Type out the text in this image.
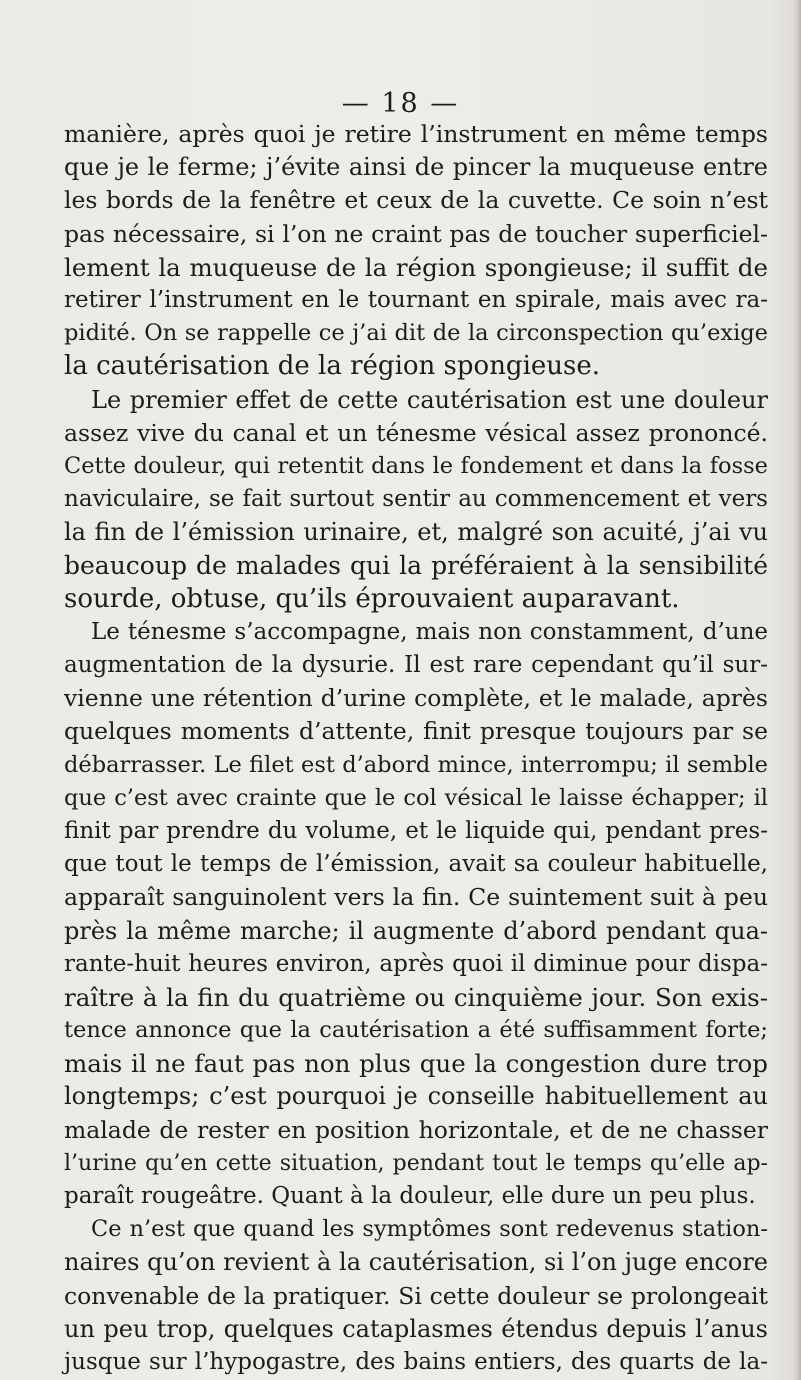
— 18 —
manière, après quoi je retire l’instrument en même temps
que je le ferme; j’évite ainsi de pincer la muqueuse entre
les bords de la fenêtre et ceux de la cuvette. Ce soin n’est
pas nécessaire, si l’on ne craint pas de toucher superficiel-
lement la muqueuse de la région spongieuse; il suffit de
retirer l’instrument en le tournant en spirale, mais avec ra-
pidité. On se rappelle ce j’ai dit de la circonspection qu’exige
la cautérisation de la région spongieuse.
Le premier effet de cette cautérisation est une douleur
assez vive du canal et un ténesme vésical assez prononcé.
Cette douleur, qui retentit dans le fondement et dans la fosse
naviculaire, se fait surtout sentir au commencement et vers
la fin de l’émission urinaire, et, malgré son acuité, j’ai vu
beaucoup de malades qui la préféraient à la sensibilité
sourde, obtuse, qu’ils éprouvaient auparavant.
Le ténesme s’accompagne, mais non constamment, d’une
augmentation de la dysurie. Il est rare cependant qu’il sur-
vienne une rétention d’urine complète, et le malade, après
quelques moments d’attente, finit presque toujours par se
débarrasser. Le filet est d’abord mince, interrompu; il semble
que c’est avec crainte que le col vésical le laisse échapper; il
finit par prendre du volume, et le liquide qui, pendant pres-
que tout le temps de l’émission, avait sa couleur habituelle,
apparaît sanguinolent vers la fin. Ce suintement suit à peu
près la même marche; il augmente d’abord pendant qua-
rante-huit heures environ, après quoi il diminue pour dispa-
raître à la fin du quatrième ou cinquième jour. Son exis-
tence annonce que la cautérisation a été suffisamment forte;
mais il ne faut pas non plus que la congestion dure trop
longtemps; c’est pourquoi je conseille habituellement au
malade de rester en position horizontale, et de ne chasser
l’urine qu’en cette situation, pendant tout le temps qu’elle ap-
paraît rougeâtre. Quant à la douleur, elle dure un peu plus.
Ce n’est que quand les symptômes sont redevenus station-
naires qu’on revient à la cautérisation, si l’on juge encore
convenable de la pratiquer. Si cette douleur se prolongeait
un peu trop, quelques cataplasmes étendus depuis l’anus
jusque sur l’hypogastre, des bains entiers, des quarts de la-
